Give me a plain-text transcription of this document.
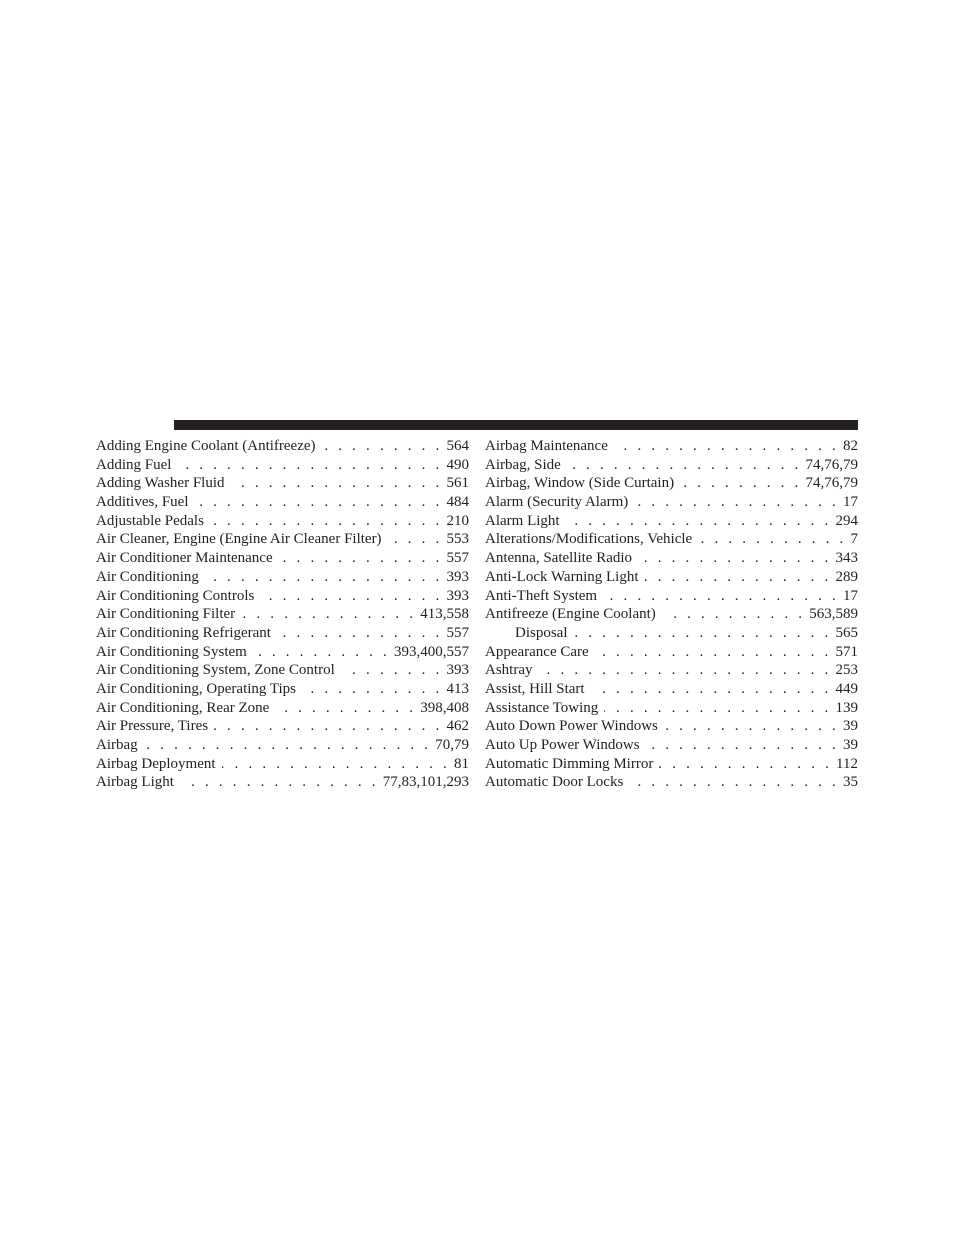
Adding Engine Coolant (Antifreeze) . . .	564
Adding Fuel . . .	490
Adding Washer Fluid . . .	561
Additives, Fuel . . .	484
Adjustable Pedals . . .	210
Air Cleaner, Engine (Engine Air Cleaner Filter) . . .	553
Air Conditioner Maintenance . . .	557
Air Conditioning . . .	393
Air Conditioning Controls . . .	393
Air Conditioning Filter . . .	413,558
Air Conditioning Refrigerant . . .	557
Air Conditioning System . . .	393,400,557
Air Conditioning System, Zone Control . . .	393
Air Conditioning, Operating Tips . . .	413
Air Conditioning, Rear Zone . . .	398,408
Air Pressure, Tires . . .	462
Airbag . . .	70,79
Airbag Deployment . . .	81
Airbag Light . . .	77,83,101,293
Airbag Maintenance . . .	82
Airbag, Side . . .	74,76,79
Airbag, Window (Side Curtain) . . .	74,76,79
Alarm (Security Alarm) . . .	17
Alarm Light . . .	294
Alterations/Modifications, Vehicle . . .	7
Antenna, Satellite Radio . . .	343
Anti-Lock Warning Light . . .	289
Anti-Theft System . . .	17
Antifreeze (Engine Coolant) . . .	563,589
Disposal . . .	565
Appearance Care . . .	571
Ashtray . . .	253
Assist, Hill Start . . .	449
Assistance Towing . . .	139
Auto Down Power Windows . . .	39
Auto Up Power Windows . . .	39
Automatic Dimming Mirror . . .	112
Automatic Door Locks . . .	35
